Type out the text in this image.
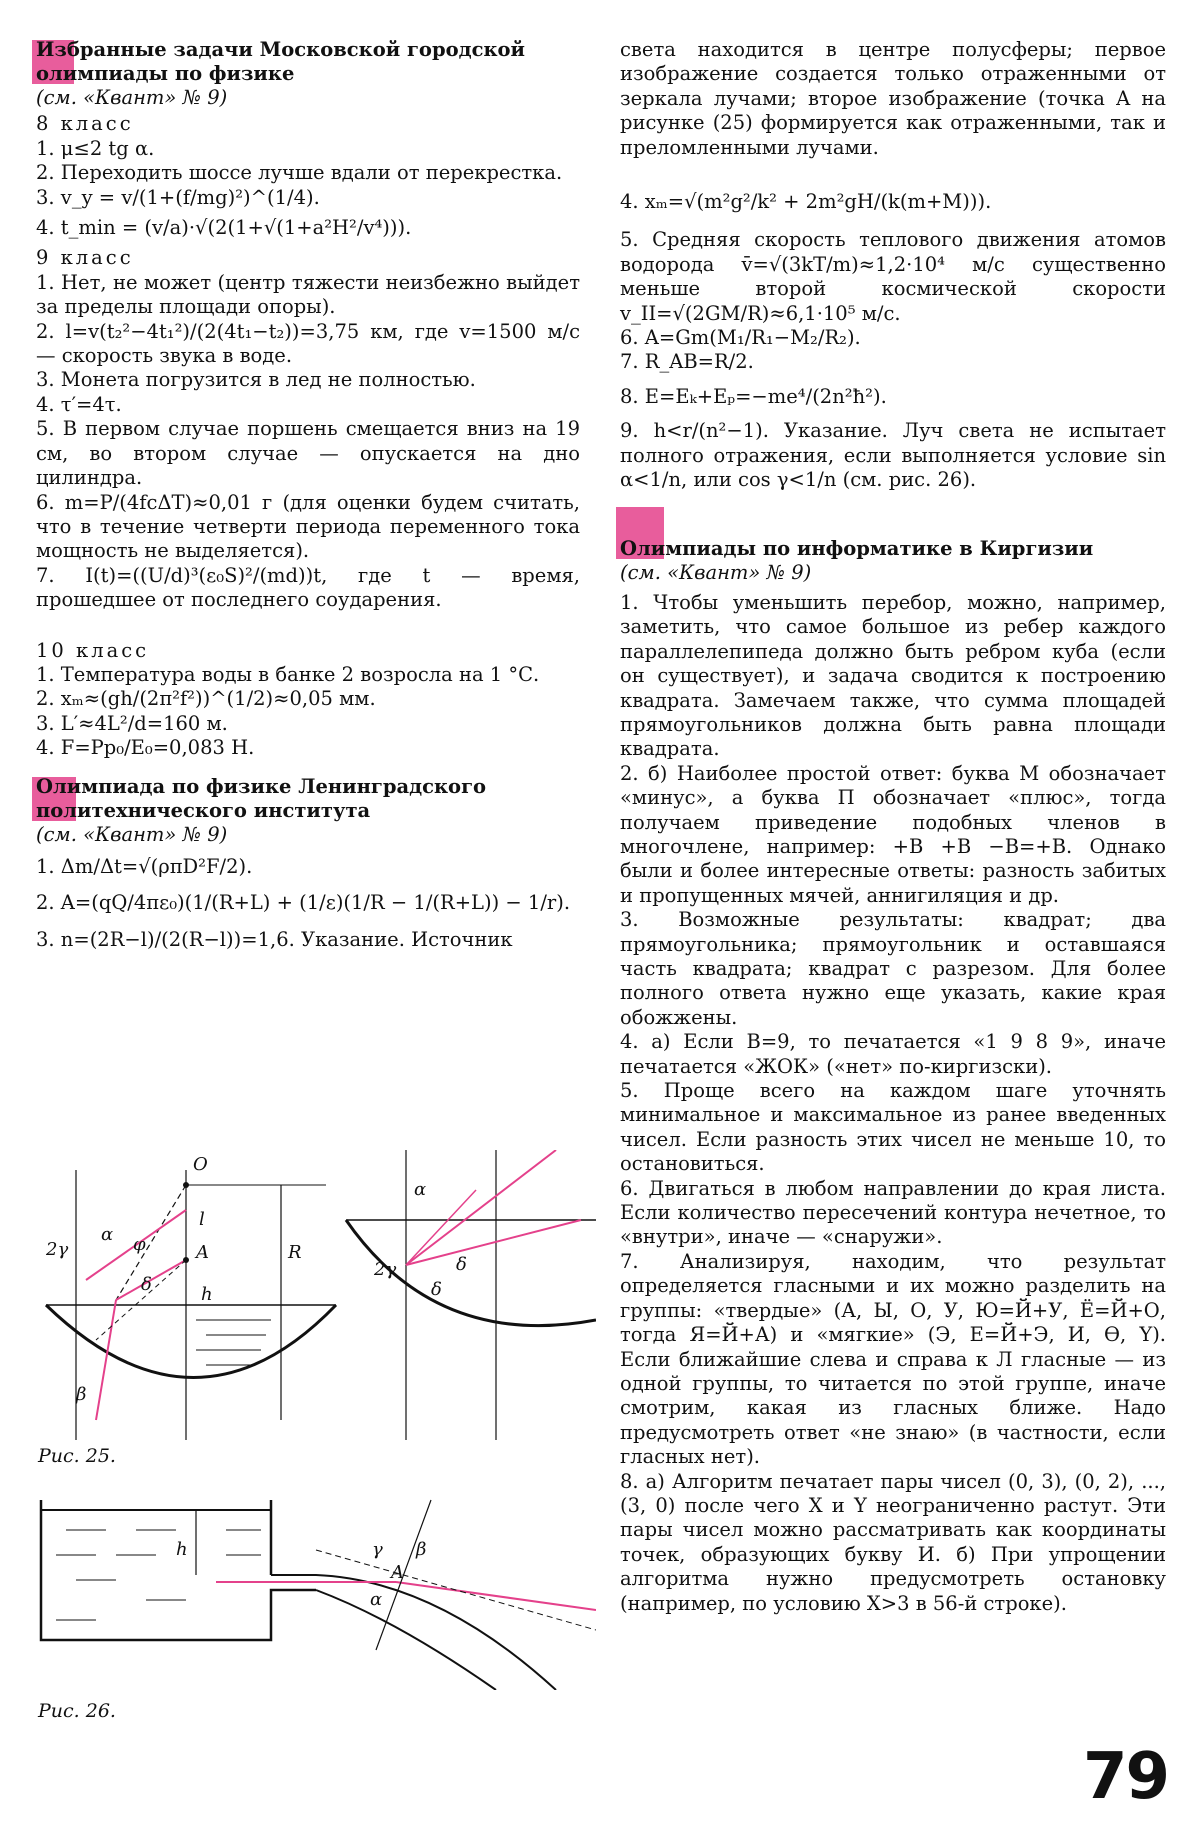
Избранные задачи Московской городской
олимпиады по физике

(см. «Квант» № 9)

8 класс

1. μ≤2 tg α.

2. Переходить шоссе лучше вдали от перекрестка.

3. v_y = v/(1+(f/mg)²)^(1/4).

4. t_min = (v/a)·√(2(1+√(1+a²H²/v⁴))).

9 класс

1. Нет, не может (центр тяжести неизбежно выйдет за пределы площади опоры).

2. l=v(t₂²−4t₁²)/(2(4t₁−t₂))=3,75 км, где v=1500 м/с — скорость звука в воде.

3. Монета погрузится в лед не полностью.

4. τ′=4τ.

5. В первом случае поршень смещается вниз на 19 см, во втором случае — опускается на дно цилиндра.

6. m=P/(4fcΔT)≈0,01 г (для оценки будем считать, что в течение четверти периода переменного тока мощность не выделяется).

7. I(t)=((U/d)³(ε₀S)²/(md))t, где t — время, прошедшее от последнего соударения.

10 класс

1. Температура воды в банке 2 возросла на 1 °С.

2. xₘ≈(gh/(2π²f²))^(1/2)≈0,05 мм.

3. L′≈4L²/d=160 м.

4. F=Pp₀/E₀=0,083 Н.

Олимпиада по физике Ленинградского
политехнического института

(см. «Квант» № 9)

1. Δm/Δt=√(ρπD²F/2).

2. A=(qQ/4πε₀)(1/(R+L) + (1/ε)(1/R − 1/(R+L)) − 1/r).

3. n=(2R−l)/(2(R−l))=1,6. Указание. Источник

O
l
A	R
h
2γ
α φ
δ
β
α
2γ	δ
δ
Рис. 25.
h	γ
A
β
α
Рис. 26.

света находится в центре полусферы; первое изображение создается только отраженными от зеркала лучами; второе изображение (точка A на рисунке (25) формируется как отраженными, так и преломленными лучами.

4. xₘ=√(m²g²/k² + 2m²gH/(k(m+M))).

5. Средняя скорость теплового движения атомов водорода v̄=√(3kT/m)≈1,2·10⁴ м/с существенно меньше второй космической скорости v_II=√(2GM/R)≈6,1·10⁵ м/с.

6. A=Gm(M₁/R₁−M₂/R₂).

7. R_AB=R/2.

8. E=Eₖ+Eₚ=−me⁴/(2n²ħ²).

9. h<r/(n²−1). Указание. Луч света не испытает полного отражения, если выполняется условие sin α<1/n, или cos γ<1/n (см. рис. 26).

Олимпиады по информатике в Киргизии

(см. «Квант» № 9)

1. Чтобы уменьшить перебор, можно, например, заметить, что самое большое из ребер каждого параллелепипеда должно быть ребром куба (если он существует), и задача сводится к построению квадрата. Замечаем также, что сумма площадей прямоугольников должна быть равна площади квадрата.

2. б) Наиболее простой ответ: буква М обозначает «минус», а буква П обозначает «плюс», тогда получаем приведение подобных членов в многочлене, например: +В +В −В=+В. Однако были и более интересные ответы: разность забитых и пропущенных мячей, аннигиляция и др.

3. Возможные результаты: квадрат; два прямоугольника; прямоугольник и оставшаяся часть квадрата; квадрат с разрезом. Для более полного ответа нужно еще указать, какие края обожжены.

4. а) Если В=9, то печатается «1 9 8 9», иначе печатается «ЖОК» («нет» по-киргизски).

5. Проще всего на каждом шаге уточнять минимальное и максимальное из ранее введенных чисел. Если разность этих чисел не меньше 10, то остановиться.

6. Двигаться в любом направлении до края листа. Если количество пересечений контура нечетное, то «внутри», иначе — «снаружи».

7. Анализируя, находим, что результат определяется гласными и их можно разделить на группы: «твердые» (А, Ы, О, У, Ю=Й+У, Ё=Й+О, тогда Я=Й+А) и «мягкие» (Э, Е=Й+Э, И, Ө, Y). Если ближайшие слева и справа к Л гласные — из одной группы, то читается по этой группе, иначе смотрим, какая из гласных ближе. Надо предусмотреть ответ «не знаю» (в частности, если гласных нет).

8. а) Алгоритм печатает пары чисел (0, 3), (0, 2), ..., (3, 0) после чего X и Y неограниченно растут. Эти пары чисел можно рассматривать как координаты точек, образующих букву И. б) При упрощении алгоритма нужно предусмотреть остановку (например, по условию X>3 в 56-й строке).

79
